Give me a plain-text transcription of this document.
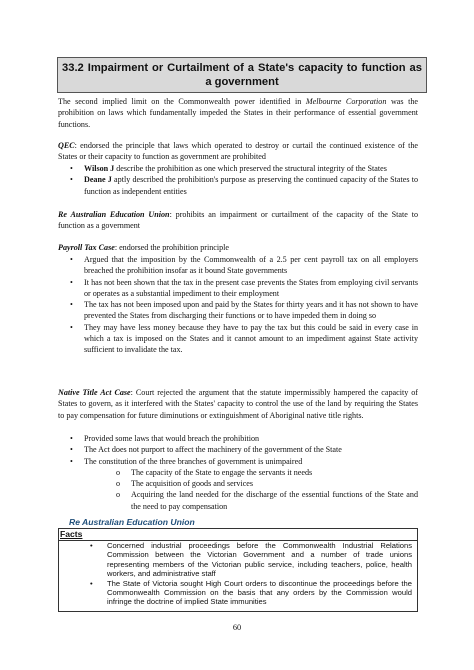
33.2 Impairment or Curtailment of a State's capacity to function as a government
The second implied limit on the Commonwealth power identified in Melbourne Corporation was the prohibition on laws which fundamentally impeded the States in their performance of essential government functions.
QEC: endorsed the principle that laws which operated to destroy or curtail the continued existence of the States or their capacity to function as government are prohibited
• Wilson J describe the prohibition as one which preserved the structural integrity of the States
• Deane J aptly described the prohibition's purpose as preserving the continued capacity of the States to function as independent entities
Re Australian Education Union: prohibits an impairment or curtailment of the capacity of the State to function as a government
Payroll Tax Case: endorsed the prohibition principle
• Argued that the imposition by the Commonwealth of a 2.5 per cent payroll tax on all employers breached the prohibition insofar as it bound State governments
• It has not been shown that the tax in the present case prevents the States from employing civil servants or operates as a substantial impediment to their employment
• The tax has not been imposed upon and paid by the States for thirty years and it has not shown to have prevented the States from discharging their functions or to have impeded them in doing so
• They may have less money because they have to pay the tax but this could be said in every case in which a tax is imposed on the States and it cannot amount to an impediment against State activity sufficient to invalidate the tax.
Native Title Act Case: Court rejected the argument that the statute impermissibly hampered the capacity of States to govern, as it interfered with the States' capacity to control the use of the land by requiring the States to pay compensation for future diminutions or extinguishment of Aboriginal native title rights.
• Provided some laws that would breach the prohibition
• The Act does not purport to affect the machinery of the government of the State
• The constitution of the three branches of government is unimpaired
o The capacity of the State to engage the servants it needs
o The acquisition of goods and services
o Acquiring the land needed for the discharge of the essential functions of the State and the need to pay compensation
Re Australian Education Union
Facts
• Concerned industrial proceedings before the Commonwealth Industrial Relations Commission between the Victorian Government and a number of trade unions representing members of the Victorian public service, including teachers, police, health workers, and administrative staff
• The State of Victoria sought High Court orders to discontinue the proceedings before the Commonwealth Commission on the basis that any orders by the Commission would infringe the doctrine of implied State immunities
60
